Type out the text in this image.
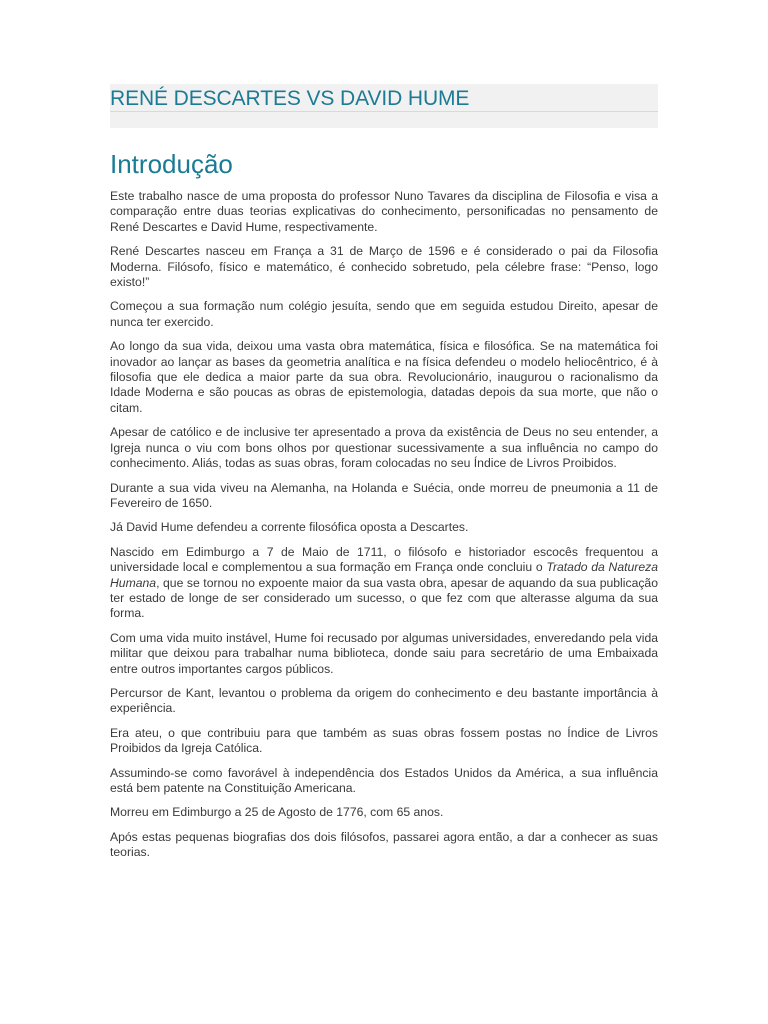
RENÉ DESCARTES VS DAVID HUME
Introdução

Este trabalho nasce de uma proposta do professor Nuno Tavares da disciplina de Filosofia e visa a comparação entre duas teorias explicativas do conhecimento, personificadas no pensamento de René Descartes e David Hume, respectivamente.

René Descartes nasceu em França a 31 de Março de 1596 e é considerado o pai da Filosofia Moderna. Filósofo, físico e matemático, é conhecido sobretudo, pela célebre frase: “Penso, logo existo!”

Começou a sua formação num colégio jesuíta, sendo que em seguida estudou Direito, apesar de nunca ter exercido.

Ao longo da sua vida, deixou uma vasta obra matemática, física e filosófica. Se na matemática foi inovador ao lançar as bases da geometria analítica e na física defendeu o modelo heliocêntrico, é à filosofia que ele dedica a maior parte da sua obra. Revolucionário, inaugurou o racionalismo da Idade Moderna e são poucas as obras de epistemologia, datadas depois da sua morte, que não o citam.

Apesar de católico e de inclusive ter apresentado a prova da existência de Deus no seu entender, a Igreja nunca o viu com bons olhos por questionar sucessivamente a sua influência no campo do conhecimento. Aliás, todas as suas obras, foram colocadas no seu Índice de Livros Proibidos.

Durante a sua vida viveu na Alemanha, na Holanda e Suécia, onde morreu de pneumonia a 11 de Fevereiro de 1650.

Já David Hume defendeu a corrente filosófica oposta a Descartes.

Nascido em Edimburgo a 7 de Maio de 1711, o filósofo e historiador escocês frequentou a universidade local e complementou a sua formação em França onde concluiu o Tratado da Natureza Humana, que se tornou no expoente maior da sua vasta obra, apesar de aquando da sua publicação ter estado de longe de ser considerado um sucesso, o que fez com que alterasse alguma da sua forma.

Com uma vida muito instável, Hume foi recusado por algumas universidades, enveredando pela vida militar que deixou para trabalhar numa biblioteca, donde saiu para secretário de uma Embaixada entre outros importantes cargos públicos.

Percursor de Kant, levantou o problema da origem do conhecimento e deu bastante importância à experiência.

Era ateu, o que contribuiu para que também as suas obras fossem postas no Índice de Livros Proibidos da Igreja Católica.

Assumindo-se como favorável à independência dos Estados Unidos da América, a sua influência está bem patente na Constituição Americana.

Morreu em Edimburgo a 25 de Agosto de 1776, com 65 anos.

Após estas pequenas biografias dos dois filósofos, passarei agora então, a dar a conhecer as suas teorias.
